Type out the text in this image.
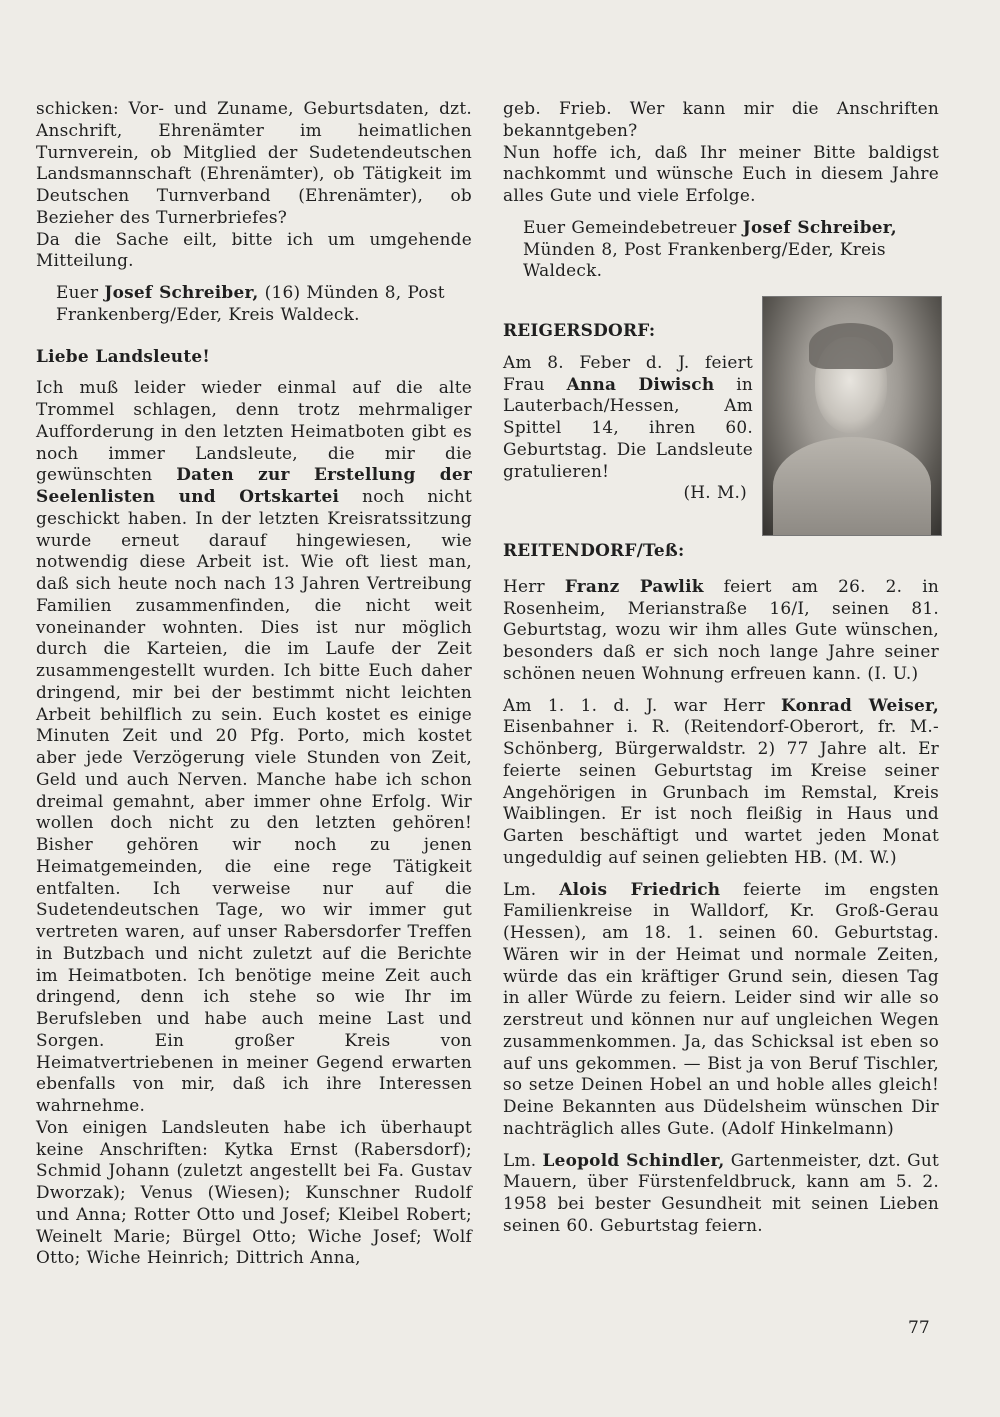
schicken: Vor- und Zuname, Geburtsdaten, dzt. Anschrift, Ehrenämter im heimatlichen Turnverein, ob Mitglied der Sudetendeutschen Landsmannschaft (Ehrenämter), ob Tätigkeit im Deutschen Turnverband (Ehrenämter), ob Bezieher des Turnerbriefes?

Da die Sache eilt, bitte ich um umgehende Mitteilung.

Euer Josef Schreiber, (16) Münden 8, Post Frankenberg/Eder, Kreis Waldeck.

Liebe Landsleute!

Ich muß leider wieder einmal auf die alte Trommel schlagen, denn trotz mehrmaliger Aufforderung in den letzten Heimatboten gibt es noch immer Landsleute, die mir die gewünschten Daten zur Erstellung der Seelenlisten und Ortskartei noch nicht geschickt haben. In der letzten Kreisratssitzung wurde erneut darauf hingewiesen, wie notwendig diese Arbeit ist. Wie oft liest man, daß sich heute noch nach 13 Jahren Vertreibung Familien zusammenfinden, die nicht weit voneinander wohnten. Dies ist nur möglich durch die Karteien, die im Laufe der Zeit zusammengestellt wurden. Ich bitte Euch daher dringend, mir bei der bestimmt nicht leichten Arbeit behilflich zu sein. Euch kostet es einige Minuten Zeit und 20 Pfg. Porto, mich kostet aber jede Verzögerung viele Stunden von Zeit, Geld und auch Nerven. Manche habe ich schon dreimal gemahnt, aber immer ohne Erfolg. Wir wollen doch nicht zu den letzten gehören! Bisher gehören wir noch zu jenen Heimatgemeinden, die eine rege Tätigkeit entfalten. Ich verweise nur auf die Sudetendeutschen Tage, wo wir immer gut vertreten waren, auf unser Rabersdorfer Treffen in Butzbach und nicht zuletzt auf die Berichte im Heimatboten. Ich benötige meine Zeit auch dringend, denn ich stehe so wie Ihr im Berufsleben und habe auch meine Last und Sorgen. Ein großer Kreis von Heimatvertriebenen in meiner Gegend erwarten ebenfalls von mir, daß ich ihre Interessen wahrnehme.

Von einigen Landsleuten habe ich überhaupt keine Anschriften: Kytka Ernst (Rabersdorf); Schmid Johann (zuletzt angestellt bei Fa. Gustav Dworzak); Venus (Wiesen); Kunschner Rudolf und Anna; Rotter Otto und Josef; Kleibel Robert; Weinelt Marie; Bürgel Otto; Wiche Josef; Wolf Otto; Wiche Heinrich; Dittrich Anna,

geb. Frieb. Wer kann mir die Anschriften bekanntgeben?

Nun hoffe ich, daß Ihr meiner Bitte baldigst nachkommt und wünsche Euch in diesem Jahre alles Gute und viele Erfolge.

Euer Gemeindebetreuer Josef Schreiber, Münden 8, Post Frankenberg/Eder, Kreis Waldeck.

REIGERSDORF:

Am 8. Feber d. J. feiert Frau Anna Diwisch in Lauterbach/Hessen, Am Spittel 14, ihren 60. Geburtstag. Die Landsleute gratulieren!

(H. M.)

REITENDORF/Teß:

Herr Franz Pawlik feiert am 26. 2. in Rosenheim, Merianstraße 16/I, seinen 81. Geburtstag, wozu wir ihm alles Gute wünschen, besonders daß er sich noch lange Jahre seiner schönen neuen Wohnung erfreuen kann. (I. U.)

Am 1. 1. d. J. war Herr Konrad Weiser, Eisenbahner i. R. (Reitendorf-Oberort, fr. M.-Schönberg, Bürgerwaldstr. 2) 77 Jahre alt. Er feierte seinen Geburtstag im Kreise seiner Angehörigen in Grunbach im Remstal, Kreis Waiblingen. Er ist noch fleißig in Haus und Garten beschäftigt und wartet jeden Monat ungeduldig auf seinen geliebten HB. (M. W.)

Lm. Alois Friedrich feierte im engsten Familienkreise in Walldorf, Kr. Groß-Gerau (Hessen), am 18. 1. seinen 60. Geburtstag. Wären wir in der Heimat und normale Zeiten, würde das ein kräftiger Grund sein, diesen Tag in aller Würde zu feiern. Leider sind wir alle so zerstreut und können nur auf ungleichen Wegen zusammenkommen. Ja, das Schicksal ist eben so auf uns gekommen. — Bist ja von Beruf Tischler, so setze Deinen Hobel an und hoble alles gleich! Deine Bekannten aus Düdelsheim wünschen Dir nachträglich alles Gute. (Adolf Hinkelmann)

Lm. Leopold Schindler, Gartenmeister, dzt. Gut Mauern, über Fürstenfeldbruck, kann am 5. 2. 1958 bei bester Gesundheit mit seinen Lieben seinen 60. Geburtstag feiern.

77
